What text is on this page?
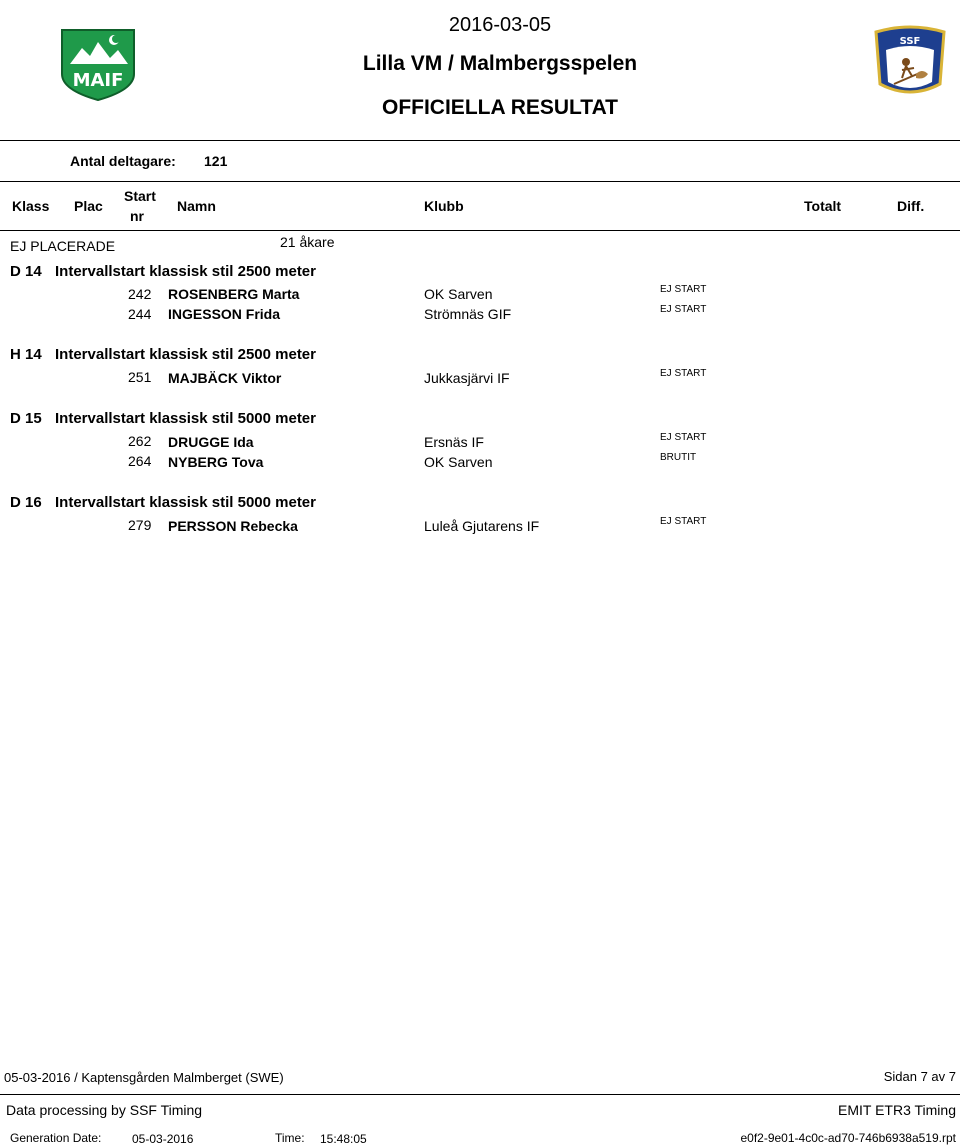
MAIF
SSF
2016-03-05
Lilla VM / Malmbergsspelen
OFFICIELLA RESULTAT
Antal deltagare: 121
Klass Plac
Start
nr
Namn	Klubb	Totalt	Diff.
EJ PLACERADE	21 åkare
D 14 Intervallstart klassisk stil 2500 meter
242 ROSENBERG Marta	OK Sarven	EJ START
244 INGESSON Frida	Strömnäs GIF	EJ START
H 14 Intervallstart klassisk stil 2500 meter
251 MAJBÄCK Viktor	Jukkasjärvi IF	EJ START
D 15 Intervallstart klassisk stil 5000 meter
262 DRUGGE Ida	Ersnäs IF	EJ START
264 NYBERG Tova	OK Sarven	BRUTIT
D 16 Intervallstart klassisk stil 5000 meter
279 PERSSON Rebecka	Luleå Gjutarens IF	EJ START
05-03-2016 / Kaptensgården Malmberget (SWE)	Sidan 7 av 7
Data processing by SSF Timing	EMIT ETR3 Timing
Generation Date:	05-03-2016	Time: 15:48:05	e0f2-9e01-4c0c-ad70-746b6938a519.rpt
